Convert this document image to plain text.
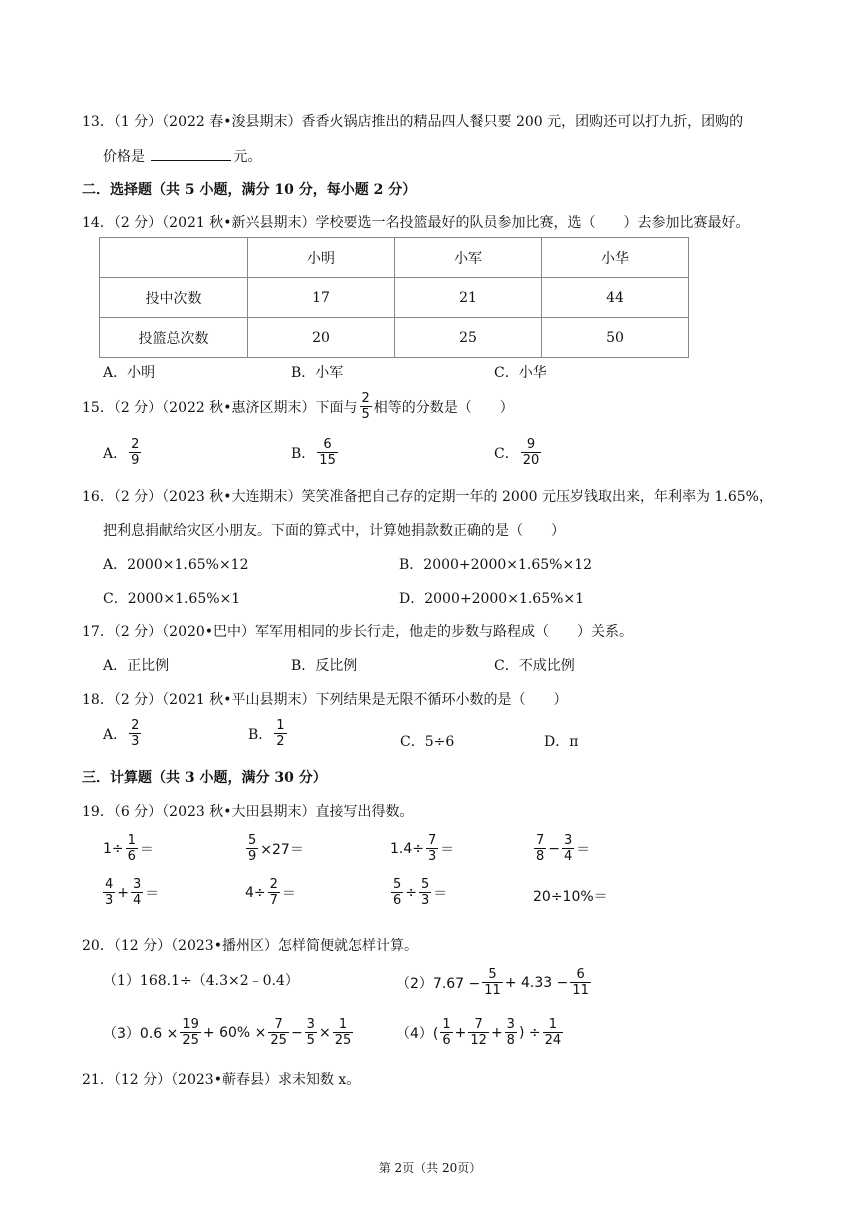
13．（1 分）（2022 春•浚县期末）香香火锅店推出的精品四人餐只要 200 元，团购还可以打九折，团购的
价格是	元。
二．选择题（共 5 小题，满分 10 分，每小题 2 分）
14．（2 分）（2021 秋•新兴县期末）学校要选一名投篮最好的队员参加比赛，选（　　）去参加比赛最好。
	小明	小军	小华
投中次数	17	21	44
投篮总次数	20	25	50
A．小明	B．小军	C．小华
15．（2 分）（2022 秋•惠济区期末）下面与 $\frac{2}{5}$ 相等的分数是（　　）
A． $\frac{2}{9}$	B． $\frac{6}{15}$	C． $\frac{9}{20}$
16．（2 分）（2023 秋•大连期末）笑笑准备把自己存的定期一年的 2000 元压岁钱取出来，年利率为 1.65%，
把利息捐献给灾区小朋友。下面的算式中，计算她捐款数正确的是（　　）
A．2000×1.65%×12	B．2000+2000×1.65%×12
C．2000×1.65%×1	D．2000+2000×1.65%×1
17．（2 分）（2020•巴中）军军用相同的步长行走，他走的步数与路程成（　　）关系。
A．正比例	B．反比例	C．不成比例
18．（2 分）（2021 秋•平山县期末）下列结果是无限不循环小数的是（　　）
A． $\frac{2}{3}$	B． $\frac{1}{2}$	C．5÷6	D．π
三．计算题（共 3 小题，满分 30 分）
19．（6 分）（2023 秋•大田县期末）直接写出得数。
$1\div \frac{1}{6}$ ＝	$\frac{5}{9} \times 27=$	$1.4\div \frac{7}{3}$ ＝	$\frac{7}{8} - \frac{3}{4}$ ＝
$\frac{4}{3} + \frac{3}{4}$ ＝	$4\div \frac{2}{7}$ ＝	$\frac{5}{6} \div \frac{5}{3}$ ＝	20÷10%＝
20．（12 分）（2023•播州区）怎样简便就怎样计算。
（1）168.1÷（4.3×2﹣0.4）	$(2)7.67 - \frac{5}{11} + 4.33 - \frac{6}{11}$
$(3)0.6 \times \frac{19}{25} + 60\% \times \frac{7}{25} - \frac{3}{5} \times \frac{1}{25}$	$(4)( \frac{1}{6} + \frac{7}{12} + \frac{3}{8}$ ) ÷ $\frac{1}{24}$
21．（12 分）（2023•蕲春县）求未知数 x。
第 2页（共 20页）
